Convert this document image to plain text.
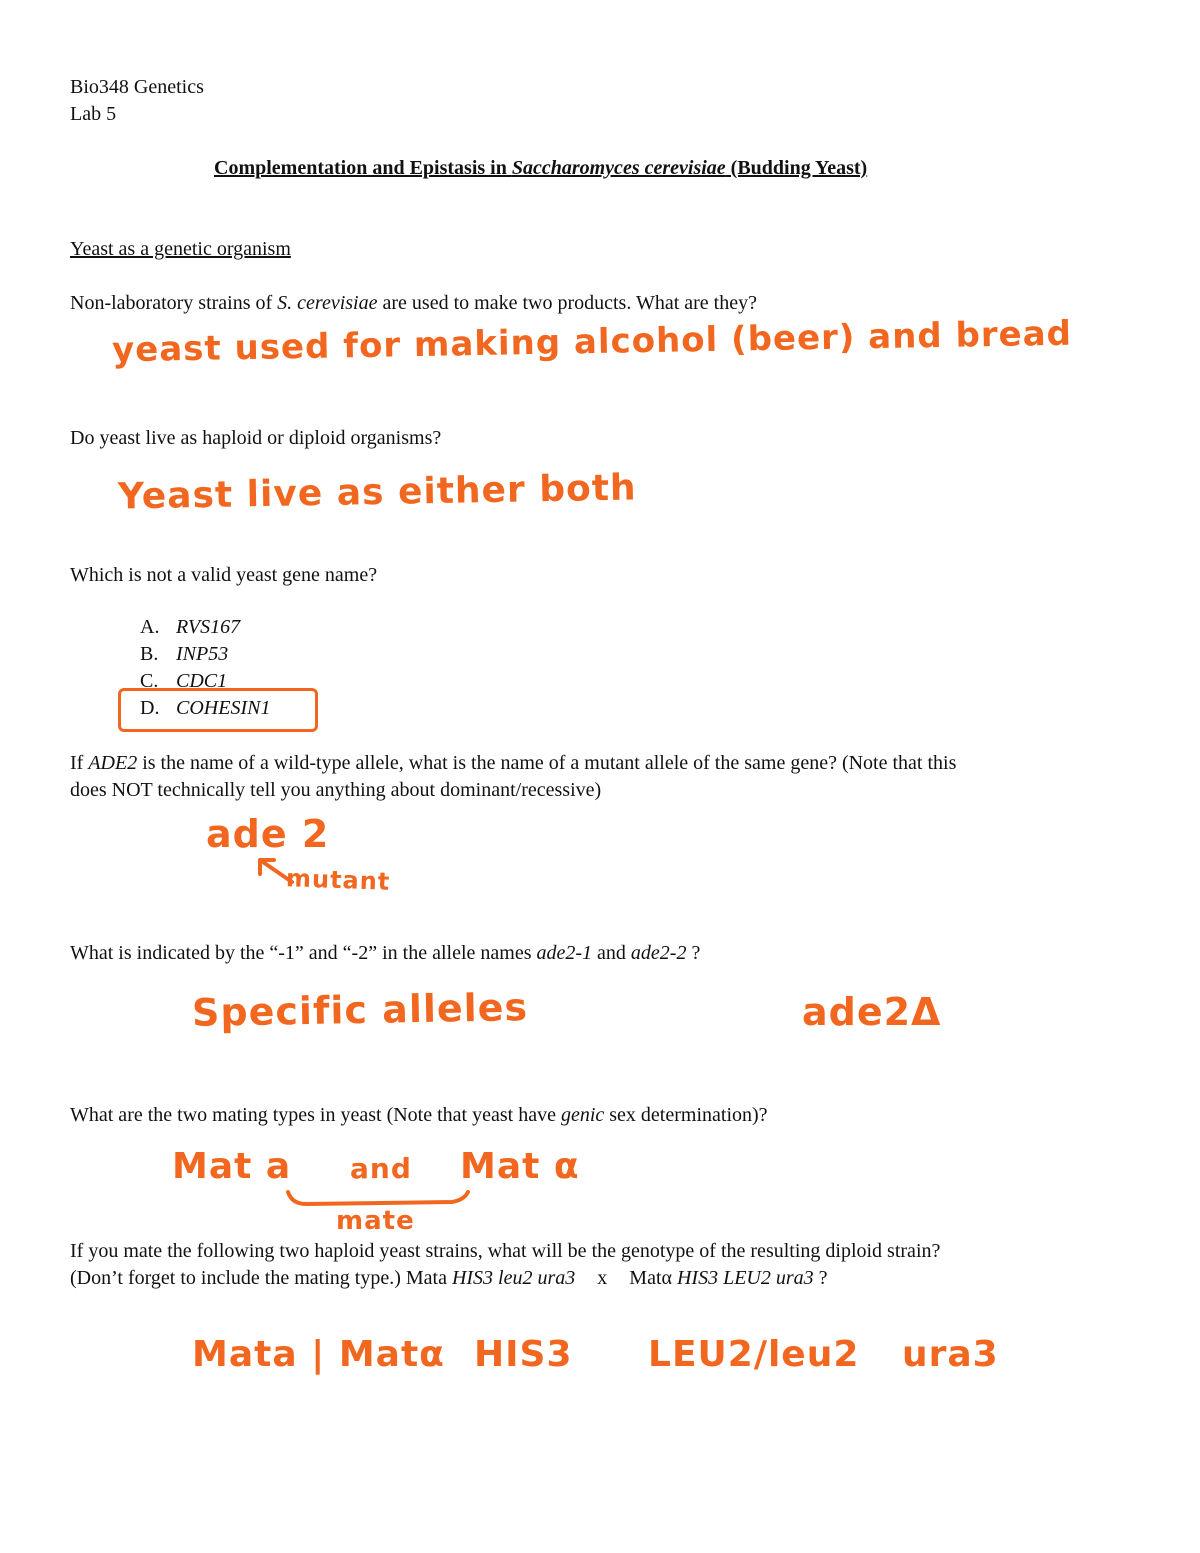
Bio348 Genetics
Lab 5
Complementation and Epistasis in Saccharomyces cerevisiae (Budding Yeast)
Yeast as a genetic organism
Non-laboratory strains of S. cerevisiae are used to make two products. What are they?
yeast used for making alcohol (beer) and bread
Do yeast live as haploid or diploid organisms?
Yeast live as either both
Which is not a valid yeast gene name?
A. RVS167
B. INP53
C. CDC1
D. COHESIN1
If ADE2 is the name of a wild-type allele, what is the name of a mutant allele of the same gene? (Note that this
does NOT technically tell you anything about dominant/recessive)
ade 2
mutant
What is indicated by the “-1” and “-2” in the allele names ade2-1 and ade2-2 ?
Specific alleles	ade2Δ
What are the two mating types in yeast (Note that yeast have genic sex determination)?
Mat a and Mat α
mate
If you mate the following two haploid yeast strains, what will be the genotype of the resulting diploid strain?
(Don’t forget to include the mating type.) Mata HIS3 leu2 ura3 x Matα HIS3 LEU2 ura3 ?
Mata | Matα HIS3 LEU2/leu2 ura3
